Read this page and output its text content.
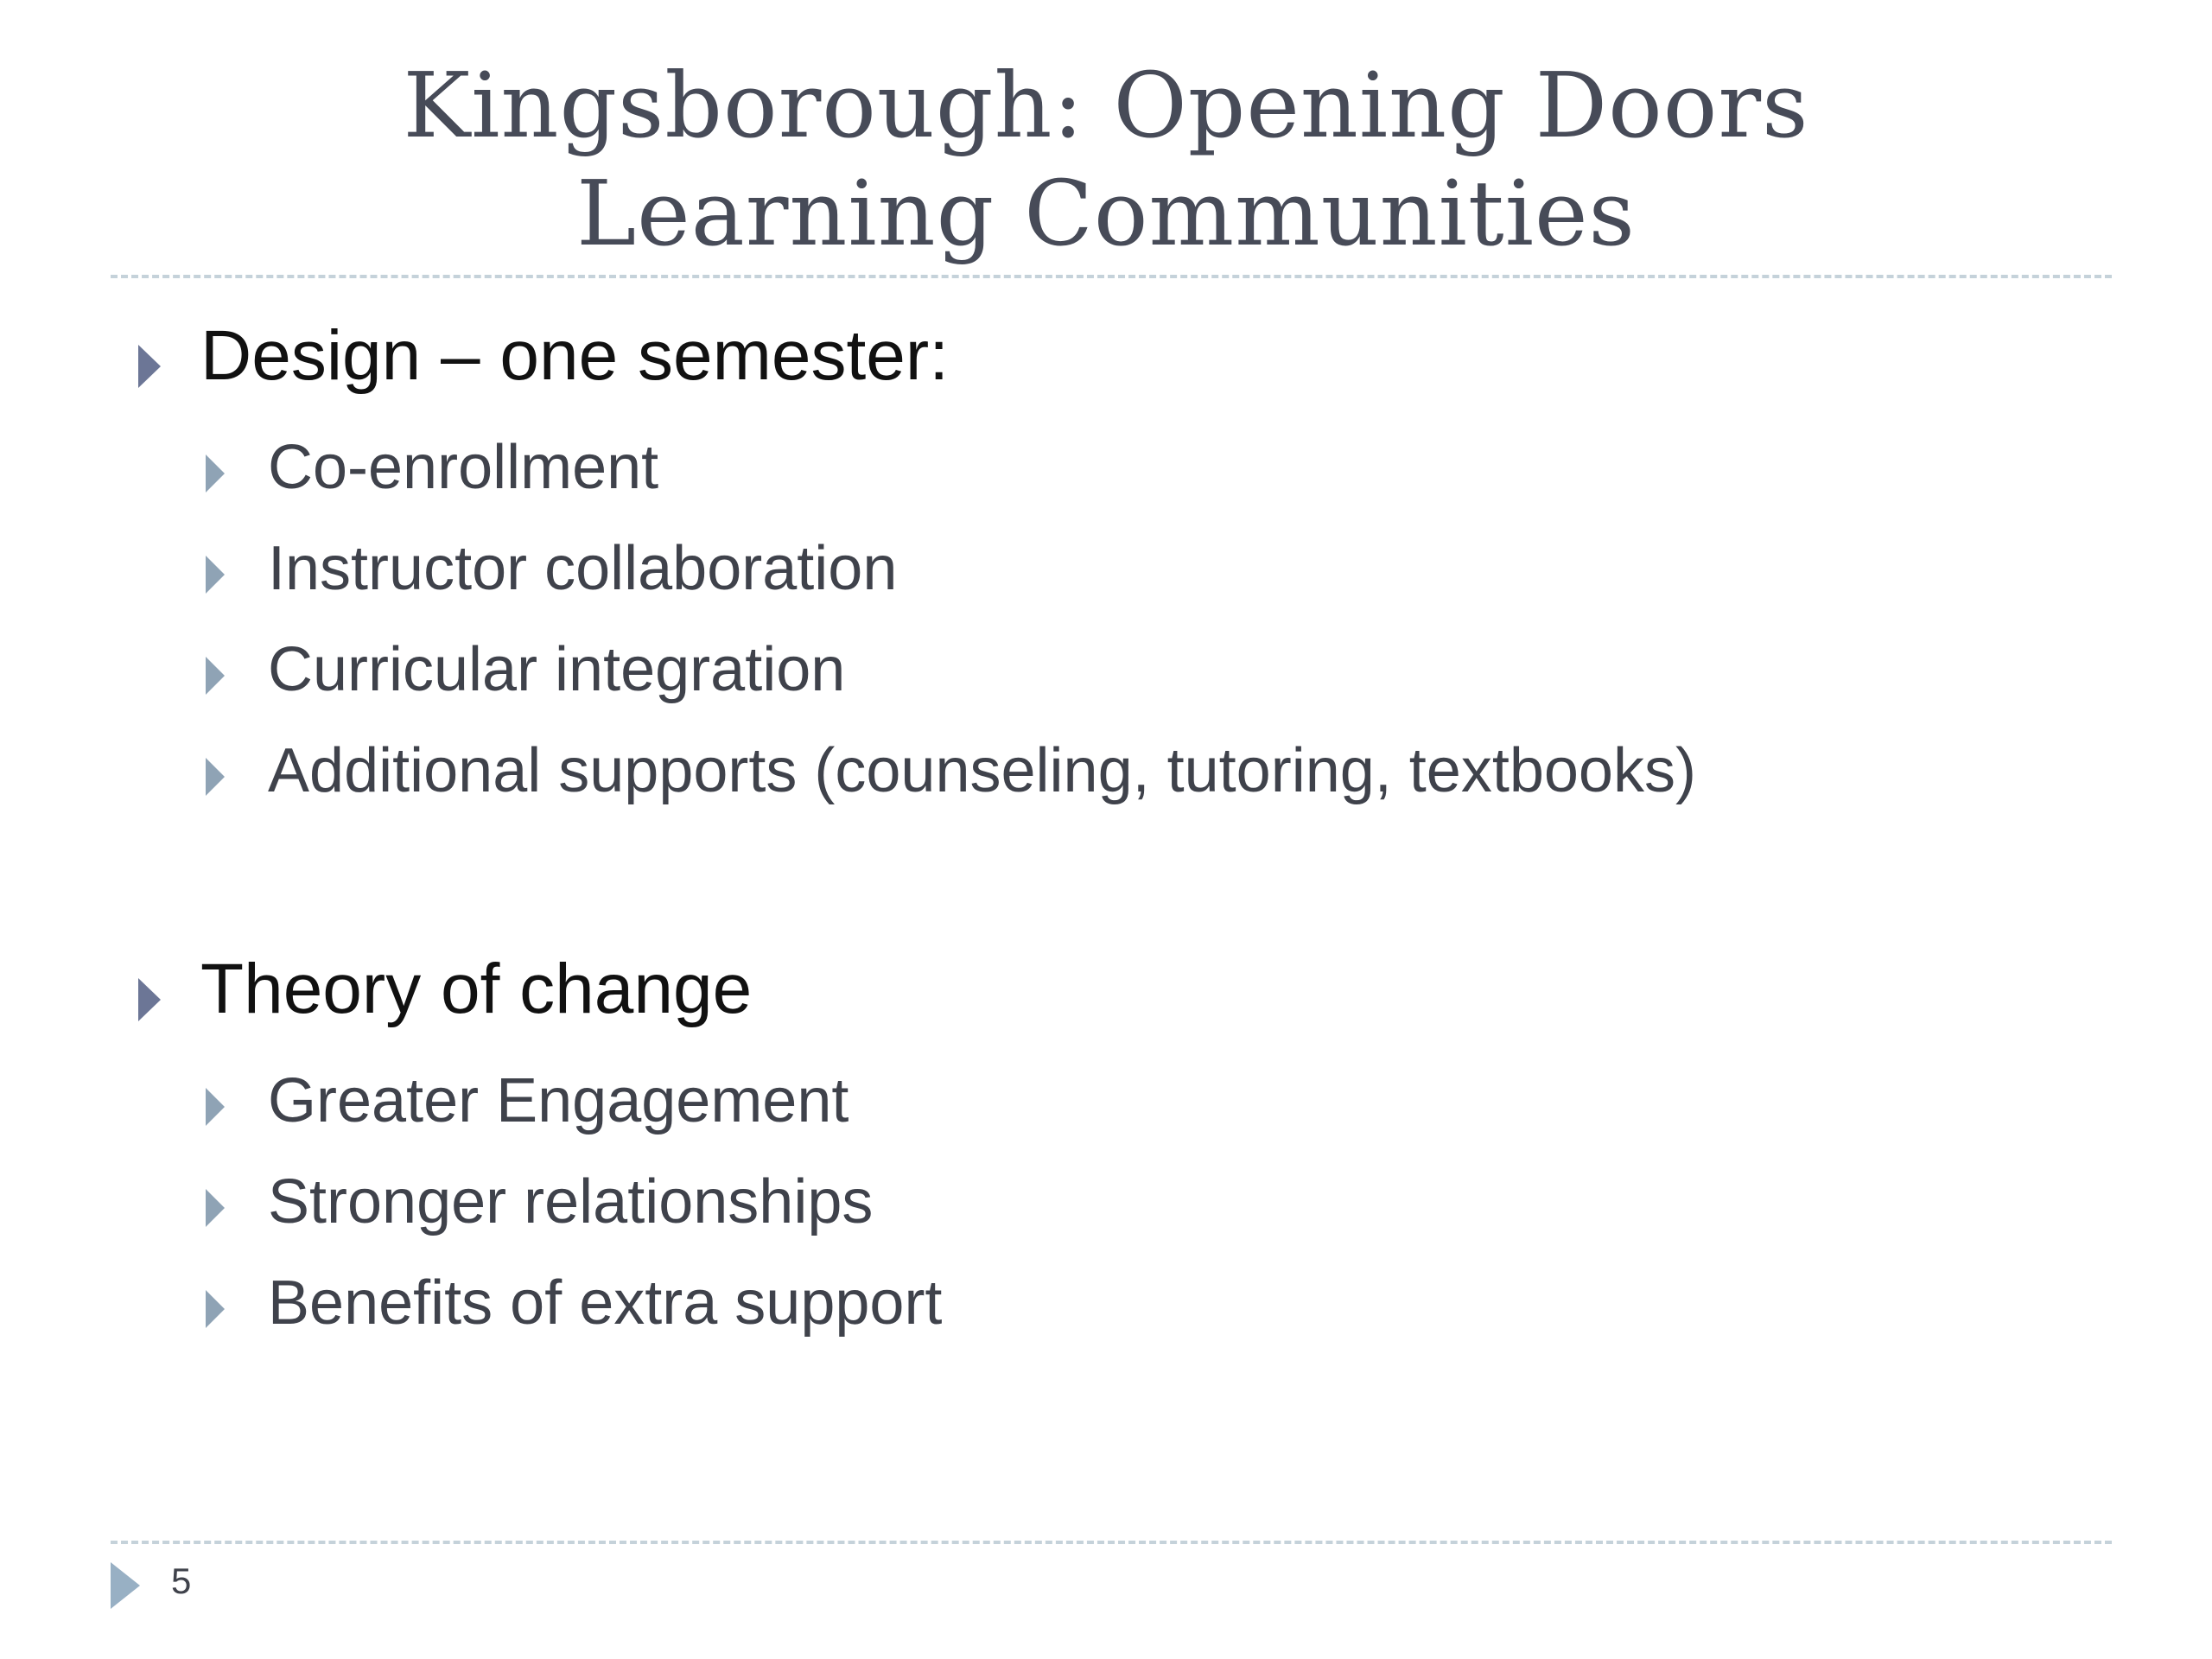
Kingsborough: Opening Doors
Learning Communities
Design – one semester:
Co-enrollment
Instructor collaboration
Curricular integration
Additional supports (counseling, tutoring, textbooks)
Theory of change
Greater Engagement
Stronger relationships
Benefits of extra support
5
